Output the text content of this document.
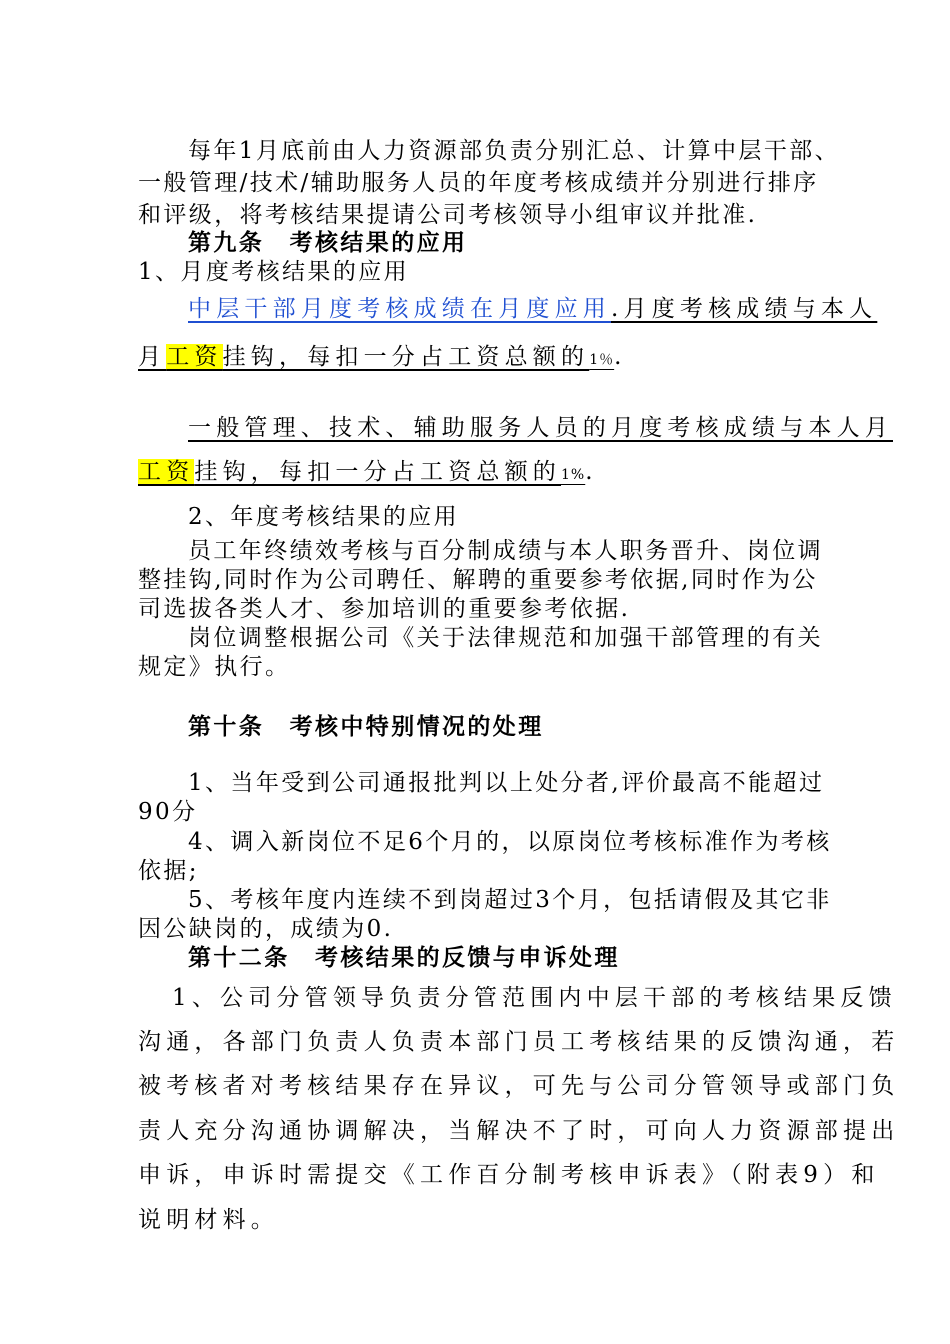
每年1月底前由人力资源部负责分别汇总、计算中层干部、
一般管理/技术/辅助服务人员的年度考核成绩并分别进行排序
和评级，将考核结果提请公司考核领导小组审议并批准.
第九条　考核结果的应用
1、月度考核结果的应用
中层干部月度考核成绩在月度应用.月度考核成绩与本人
月工资挂钩，每扣一分占工资总额的1％.
一般管理、技术、辅助服务人员的月度考核成绩与本人月
工资挂钩，每扣一分占工资总额的1%.
2、年度考核结果的应用
员工年终绩效考核与百分制成绩与本人职务晋升、岗位调
整挂钩,同时作为公司聘任、解聘的重要参考依据,同时作为公
司选拔各类人才、参加培训的重要参考依据.
岗位调整根据公司《关于法律规范和加强干部管理的有关
规定》执行。
第十条　考核中特别情况的处理
1、当年受到公司通报批判以上处分者,评价最高不能超过
90分
4、调入新岗位不足6个月的，以原岗位考核标准作为考核
依据;
5、考核年度内连续不到岗超过3个月，包括请假及其它非
因公缺岗的，成绩为0.
第十二条　考核结果的反馈与申诉处理
1、公司分管领导负责分管范围内中层干部的考核结果反馈
沟通，各部门负责人负责本部门员工考核结果的反馈沟通，若
被考核者对考核结果存在异议，可先与公司分管领导或部门负
责人充分沟通协调解决，当解决不了时，可向人力资源部提出
申诉，申诉时需提交《工作百分制考核申诉表》（附表9）和
说明材料。
